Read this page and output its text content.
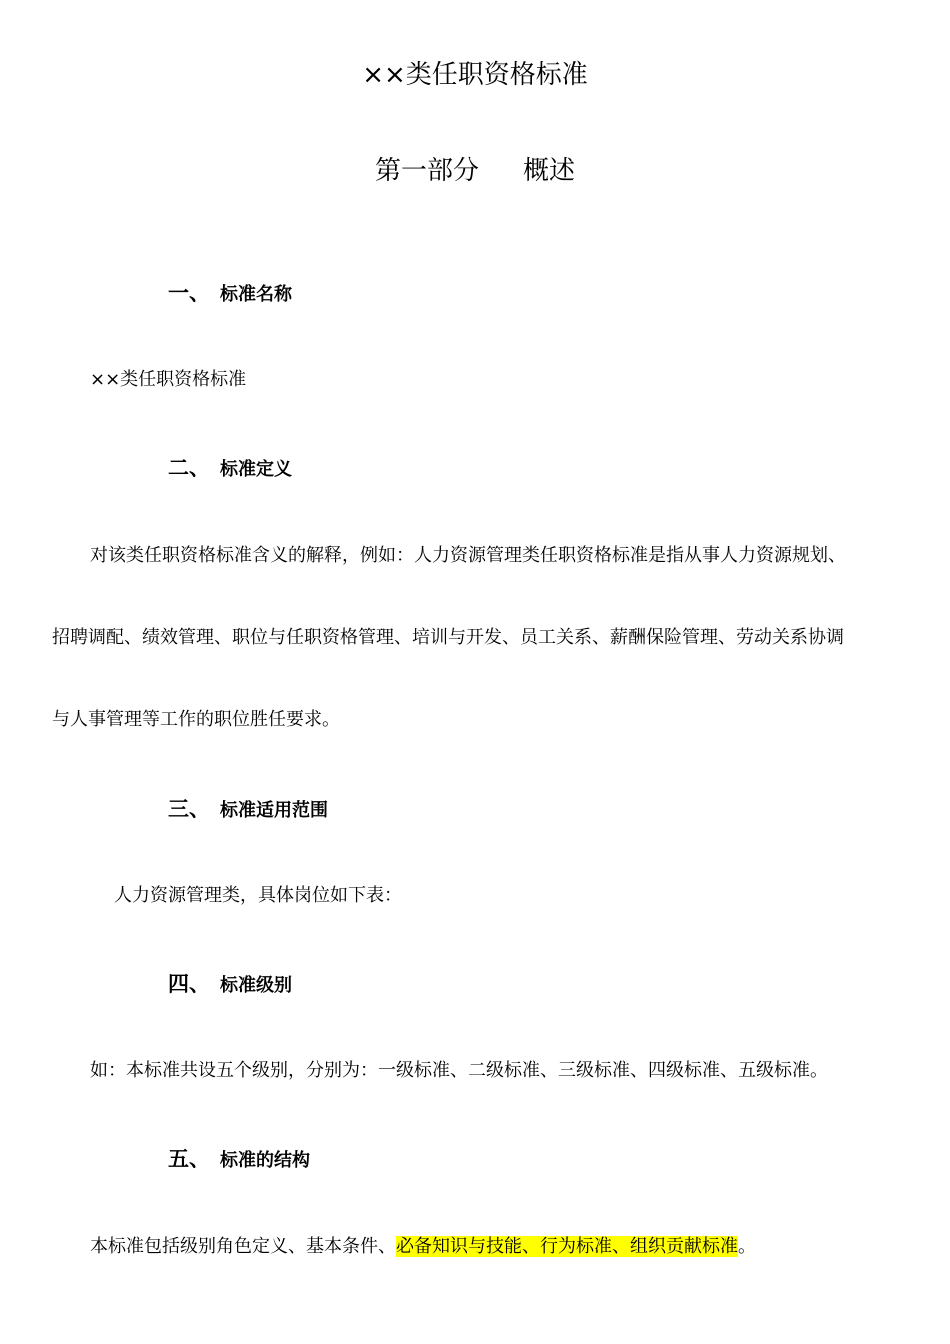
××类任职资格标准
第一部分 概述
一、 标准名称
××类任职资格标准
二、 标准定义
对该类任职资格标准含义的解释，例如：人力资源管理类任职资格标准是指从事人力资源规划、
招聘调配、绩效管理、职位与任职资格管理、培训与开发、员工关系、薪酬保险管理、劳动关系协调
与人事管理等工作的职位胜任要求。
三、 标准适用范围
人力资源管理类，具体岗位如下表：
四、 标准级别
如：本标准共设五个级别，分别为：一级标准、二级标准、三级标准、四级标准、五级标准。
五、 标准的结构
本标准包括级别角色定义、基本条件、必备知识与技能、行为标准、组织贡献标准。
